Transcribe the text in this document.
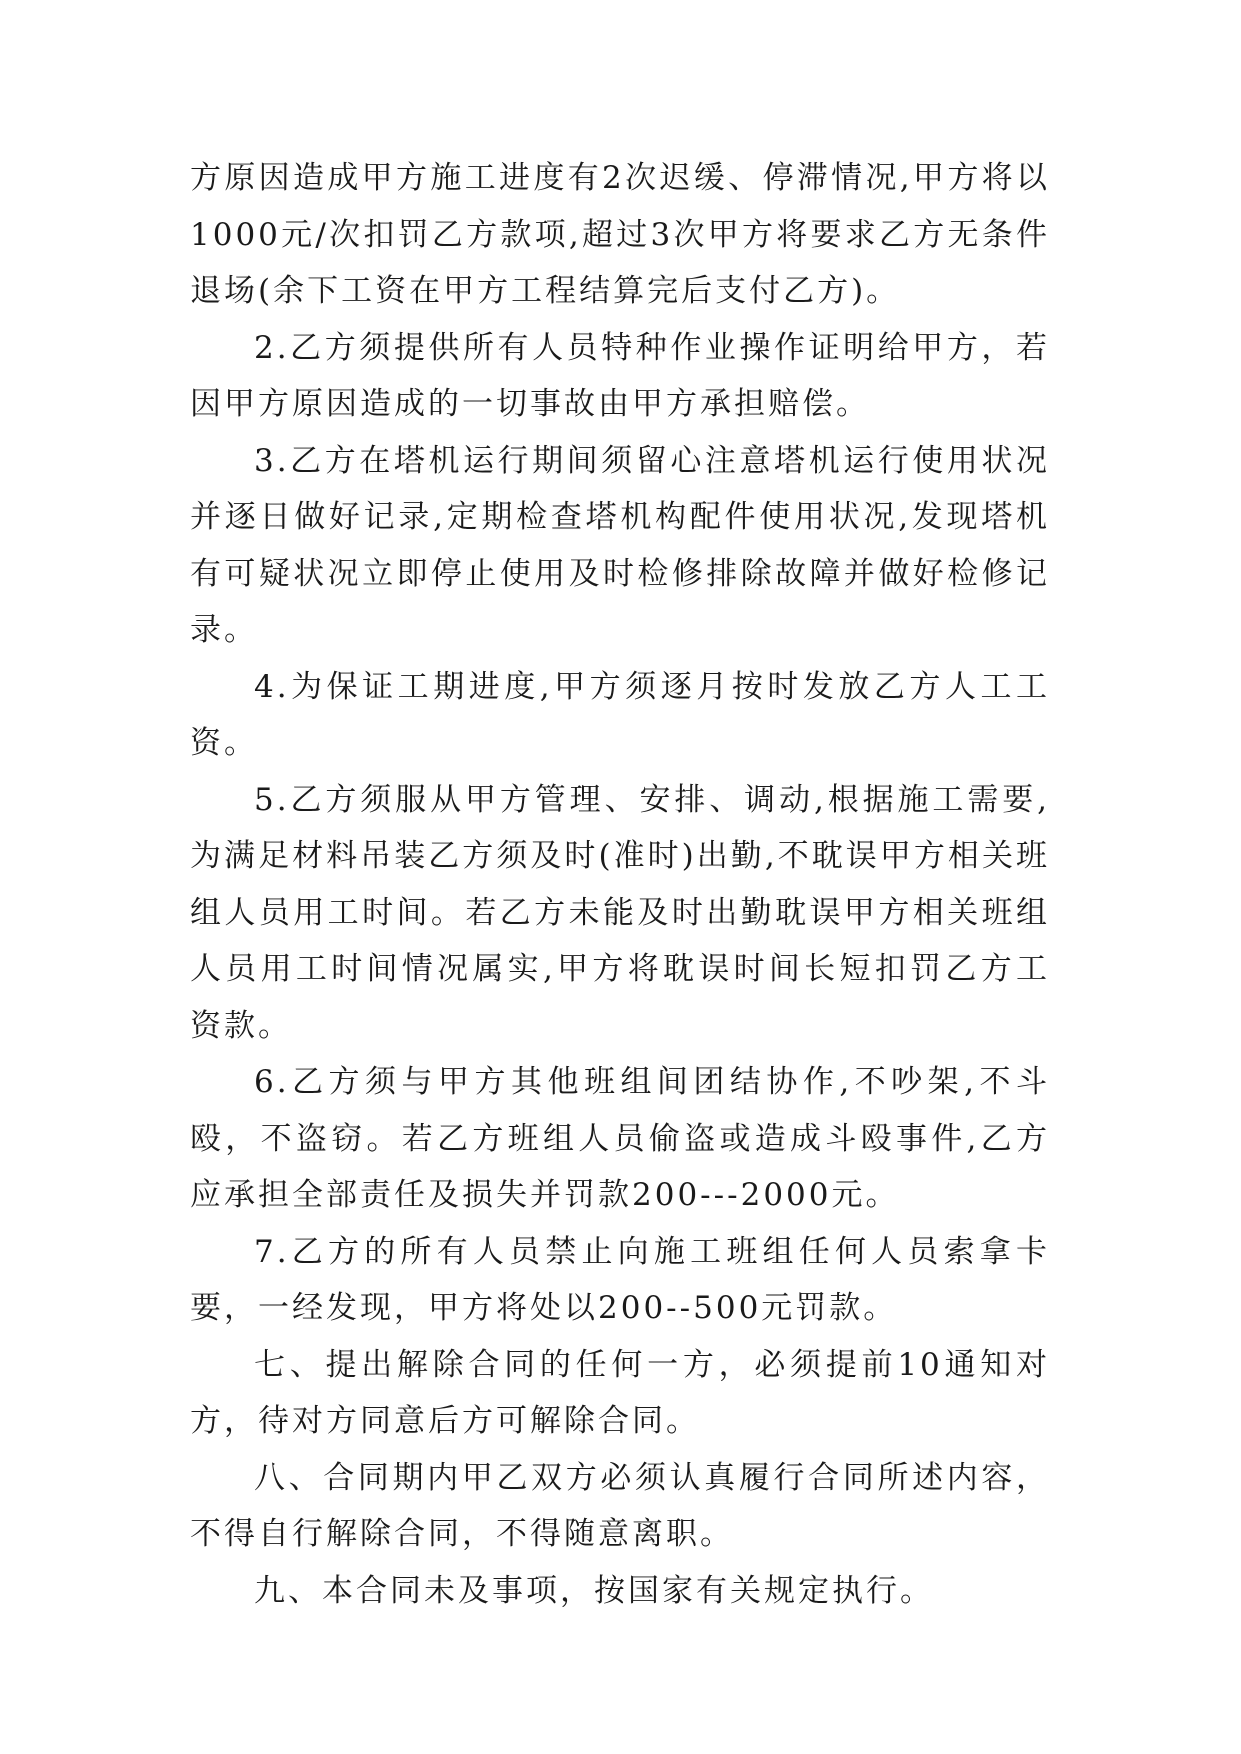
方原因造成甲方施工进度有2次迟缓、停滞情况,甲方将以1000元/次扣罚乙方款项,超过3次甲方将要求乙方无条件退场(余下工资在甲方工程结算完后支付乙方)。

2.乙方须提供所有人员特种作业操作证明给甲方，若因甲方原因造成的一切事故由甲方承担赔偿。

3.乙方在塔机运行期间须留心注意塔机运行使用状况并逐日做好记录,定期检查塔机构配件使用状况,发现塔机有可疑状况立即停止使用及时检修排除故障并做好检修记录。

4.为保证工期进度,甲方须逐月按时发放乙方人工工资。

5.乙方须服从甲方管理、安排、调动,根据施工需要,为满足材料吊装乙方须及时(准时)出勤,不耽误甲方相关班组人员用工时间。若乙方未能及时出勤耽误甲方相关班组人员用工时间情况属实,甲方将耽误时间长短扣罚乙方工资款。

6.乙方须与甲方其他班组间团结协作,不吵架,不斗殴，不盗窃。若乙方班组人员偷盗或造成斗殴事件,乙方应承担全部责任及损失并罚款200---2000元。

7.乙方的所有人员禁止向施工班组任何人员索拿卡要，一经发现，甲方将处以200--500元罚款。

七、提出解除合同的任何一方，必须提前10通知对方，待对方同意后方可解除合同。

八、合同期内甲乙双方必须认真履行合同所述内容，不得自行解除合同，不得随意离职。

九、本合同未及事项，按国家有关规定执行。
